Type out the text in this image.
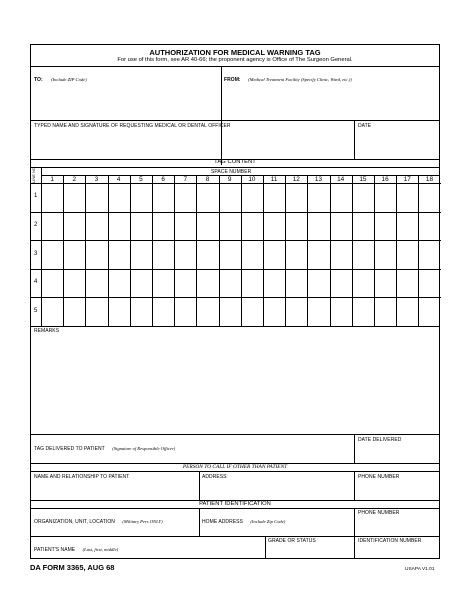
AUTHORIZATION FOR MEDICAL WARNING TAG
For use of this form, see AR 40-66; the proponent agency is Office of The Surgeon General.
TO: (Include ZIP Code)	FROM: (Medical Treatment Facility (Specify Clinic, Ward, etc.))
TYPED NAME AND SIGNATURE OF REQUESTING MEDICAL OR DENTAL OFFICER	DATE
TAG CONTENT
SPACE NUMBER
LINE NO.	1	2	3	4	5	6	7	8	9	10	11	12	13	14	15	16	17	18
1
2
3
4
5
REMARKS
TAG DELIVERED TO PATIENT (Signature of Responsible Officer)
DATE DELIVERED
PERSON TO CALL IF OTHER THAN PATIENT
NAME AND RELATIONSHIP TO PATIENT	ADDRESS	PHONE NUMBER
PATIENT IDENTIFICATION
ORGANIZATION, UNIT, LOCATION (Military Pers ONLY)	HOME ADDRESS (Include Zip Code)
PHONE NUMBER
PATIENT'S NAME (Last, first, middle)
GRADE OR STATUS	IDENTIFICATION NUMBER
DA FORM 3365, AUG 68	USAPA V1.01
